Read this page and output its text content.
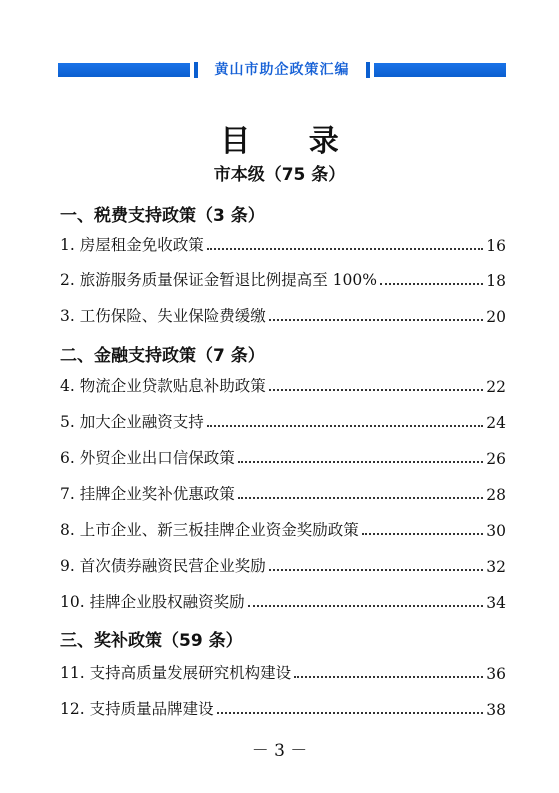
黄山市助企政策汇编
目 录
市本级（75 条）
一、税费支持政策（3 条）
1. 房屋租金免收政策	16
2. 旅游服务质量保证金暂退比例提高至 100%	18
3. 工伤保险、失业保险费缓缴	20
二、金融支持政策（7 条）
4. 物流企业贷款贴息补助政策	22
5. 加大企业融资支持	24
6. 外贸企业出口信保政策	26
7. 挂牌企业奖补优惠政策	28
8. 上市企业、新三板挂牌企业资金奖励政策	30
9. 首次债券融资民营企业奖励	32
10. 挂牌企业股权融资奖励	34
三、奖补政策（59 条）
11. 支持高质量发展研究机构建设	36
12. 支持质量品牌建设	38
－ 3 －
